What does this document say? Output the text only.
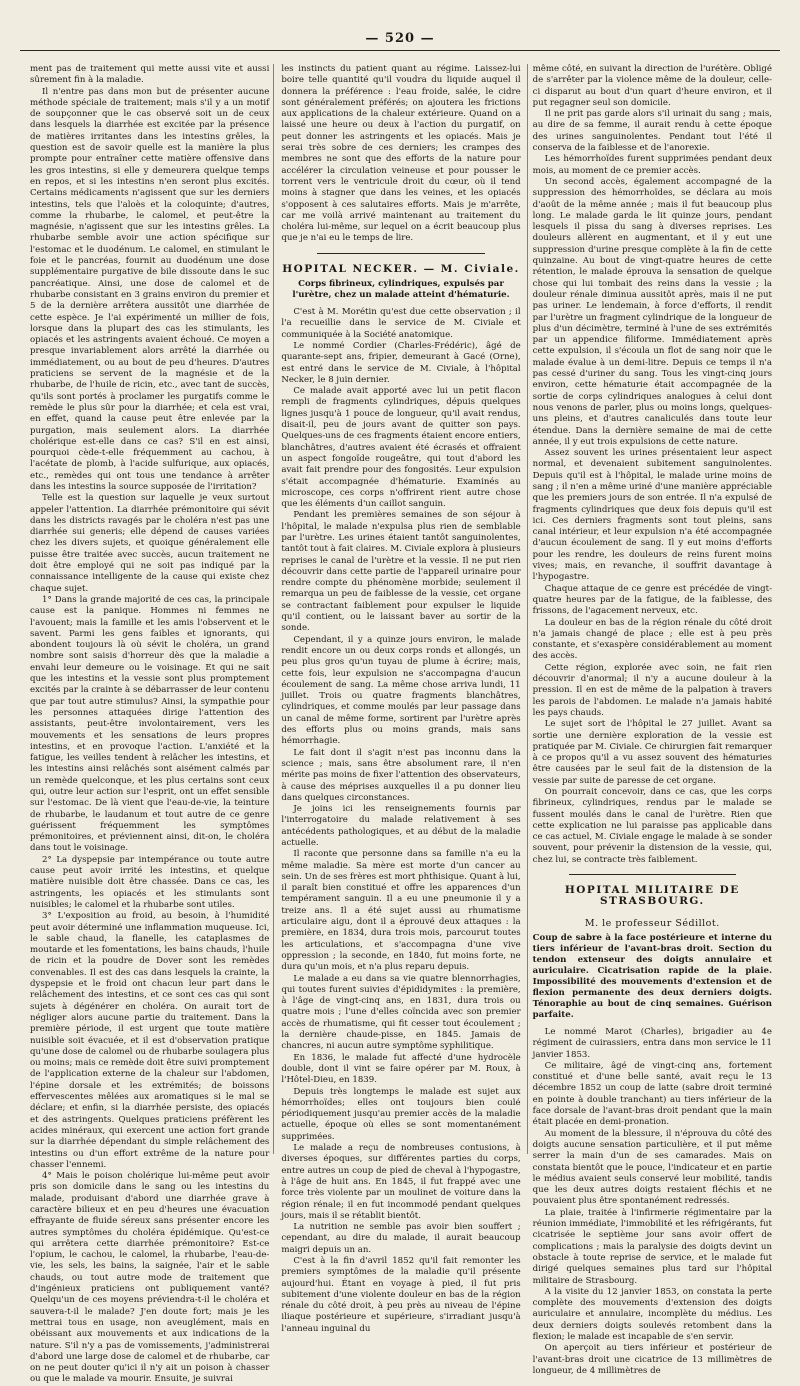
— 520 —

ment pas de traitement qui mette aussi vite et aussi sûrement fin à la maladie.

Il n'entre pas dans mon but de présenter aucune méthode spéciale de traitement; mais s'il y a un motif de soupçonner que le cas observé soit un de ceux dans lesquels la diarrhée est excitée par la présence de matières irritantes dans les intestins grêles, la question est de savoir quelle est la manière la plus prompte pour entraîner cette matière offensive dans les gros intestins, si elle y demeurera quelque temps en repos, et si les intestins n'en seront plus excités. Certains médicaments n'agissent que sur les derniers intestins, tels que l'aloès et la coloquinte; d'autres, comme la rhubarbe, le calomel, et peut-être la magnésie, n'agissent que sur les intestins grêles. La rhubarbe semble avoir une action spécifique sur l'estomac et le duodénum. Le calomel, en stimulant le foie et le pancréas, fournit au duodénum une dose supplémentaire purgative de bile dissoute dans le suc pancréatique. Ainsi, une dose de calomel et de rhubarbe consistant en 3 grains environ du premier et 5 de la dernière arrêtera aussitôt une diarrhée de cette espèce. Je l'ai expérimenté un millier de fois, lorsque dans la plupart des cas les stimulants, les opiacés et les astringents avaient échoué. Ce moyen a presque invariablement alors arrêté la diarrhée ou immédiatement, ou au bout de peu d'heures. D'autres praticiens se servent de la magnésie et de la rhubarbe, de l'huile de ricin, etc., avec tant de succès, qu'ils sont portés à proclamer les purgatifs comme le remède le plus sûr pour la diarrhée; et cela est vrai, en effet, quand la cause peut être enlevée par la purgation, mais seulement alors. La diarrhée cholérique est-elle dans ce cas? S'il en est ainsi, pourquoi cède-t-elle fréquemment au cachou, à l'acétate de plomb, à l'acide sulfurique, aux opiacés, etc., remèdes qui ont tous une tendance à arrêter dans les intestins la source supposée de l'irritation?

Telle est la question sur laquelle je veux surtout appeler l'attention. La diarrhée prémonitoire qui sévit dans les districts ravagés par le choléra n'est pas une diarrhée sui generis; elle dépend de causes variées chez les divers sujets, et quoique généralement elle puisse être traitée avec succès, aucun traitement ne doit être employé qui ne soit pas indiqué par la connaissance intelligente de la cause qui existe chez chaque sujet.

1° Dans la grande majorité de ces cas, la principale cause est la panique. Hommes ni femmes ne l'avouent; mais la famille et les amis l'observent et le savent. Parmi les gens faibles et ignorants, qui abondent toujours là où sévit le choléra, un grand nombre sont saisis d'horreur dès que la maladie a envahi leur demeure ou le voisinage. Et qui ne sait que les intestins et la vessie sont plus promptement excités par la crainte à se débarrasser de leur contenu que par tout autre stimulus? Ainsi, la sympathie pour les personnes attaquées dirige l'attention des assistants, peut-être involontairement, vers les mouvements et les sensations de leurs propres intestins, et en provoque l'action. L'anxiété et la fatigue, les veilles tendent à relâcher les intestins, et les intestins ainsi relâchés sont aisément calmés par un remède quelconque, et les plus certains sont ceux qui, outre leur action sur l'esprit, ont un effet sensible sur l'estomac. De là vient que l'eau-de-vie, la teinture de rhubarbe, le laudanum et tout autre de ce genre guérissent fréquemment les symptômes prémonitoires, et préviennent ainsi, dit-on, le choléra dans tout le voisinage.

2° La dyspepsie par intempérance ou toute autre cause peut avoir irrité les intestins, et quelque matière nuisible doit être chassée. Dans ce cas, les astringents, les opiacés et les stimulants sont nuisibles; le calomel et la rhubarbe sont utiles.

3° L'exposition au froid, au besoin, à l'humidité peut avoir déterminé une inflammation muqueuse. Ici, le sable chaud, la flanelle, les cataplasmes de moutarde et les fomentations, les bains chauds, l'huile de ricin et la poudre de Dover sont les remèdes convenables. Il est des cas dans lesquels la crainte, la dyspepsie et le froid ont chacun leur part dans le relâchement des intestins, et ce sont ces cas qui sont sujets à dégénérer en choléra. On aurait tort de négliger alors aucune partie du traitement. Dans la première période, il est urgent que toute matière nuisible soit évacuée, et il est d'observation pratique qu'une dose de calomel ou de rhubarbe soulagera plus ou moins; mais ce remède doit être suivi promptement de l'application externe de la chaleur sur l'abdomen, l'épine dorsale et les extrémités; de boissons effervescentes mêlées aux aromatiques si le mal se déclare; et enfin, si la diarrhée persiste, des opiacés et des astringents. Quelques praticiens préfèrent les acides minéraux, qui exercent une action fort grande sur la diarrhée dépendant du simple relâchement des intestins ou d'un effort extrême de la nature pour chasser l'ennemi.

4° Mais le poison cholérique lui-même peut avoir pris son domicile dans le sang ou les intestins du malade, produisant d'abord une diarrhée grave à caractère bilieux et en peu d'heures une évacuation effrayante de fluide séreux sans présenter encore les autres symptômes du choléra épidémique. Qu'est-ce qui arrêtera cette diarrhée prémonitoire? Est-ce l'opium, le cachou, le calomel, la rhubarbe, l'eau-de-vie, les sels, les bains, la saignée, l'air et le sable chauds, ou tout autre mode de traitement que d'ingénieux praticiens ont publiquement vanté? Quelqu'un de ces moyens préviendra-t-il le choléra et sauvera-t-il le malade? J'en doute fort; mais je les mettrai tous en usage, non aveuglément, mais en obéissant aux mouvements et aux indications de la nature. S'il n'y a pas de vomissements, j'administrerai d'abord une large dose de calomel et de rhubarbe, car on ne peut douter qu'ici il n'y ait un poison à chasser ou que le malade va mourir. Ensuite, je suivrai

les instincts du patient quant au régime. Laissez-lui boire telle quantité qu'il voudra du liquide auquel il donnera la préférence : l'eau froide, salée, le cidre sont généralement préférés; on ajoutera les frictions aux applications de la chaleur extérieure. Quand on a laissé une heure ou deux à l'action du purgatif, on peut donner les astringents et les opiacés. Mais je serai très sobre de ces derniers; les crampes des membres ne sont que des efforts de la nature pour accélérer la circulation veineuse et pour pousser le torrent vers le ventricule droit du cœur, où il tend moins à stagner que dans les veines, et les opiacés s'opposent à ces salutaires efforts. Mais je m'arrête, car me voilà arrivé maintenant au traitement du choléra lui-même, sur lequel on a écrit beaucoup plus que je n'ai eu le temps de lire.

HOPITAL NECKER. — M. Civiale.
Corps fibrineux, cylindriques, expulsés par l'urètre, chez un malade atteint d'hématurie.

C'est à M. Morétin qu'est due cette observation ; il l'a recueillie dans le service de M. Civiale et communiquée à la Société anatomique.

Le nommé Cordier (Charles-Frédéric), âgé de quarante-sept ans, fripier, demeurant à Gacé (Orne), est entré dans le service de M. Civiale, à l'hôpital Necker, le 8 juin dernier.

Ce malade avait apporté avec lui un petit flacon rempli de fragments cylindriques, dépuis quelques lignes jusqu'à 1 pouce de longueur, qu'il avait rendus, disait-il, peu de jours avant de quitter son pays. Quelques-uns de ces fragments étaient encore entiers, blanchâtres, d'autres avaient été écrasés et offraient un aspect fongoïde rougeâtre, qui tout d'abord les avait fait prendre pour des fongosités. Leur expulsion s'était accompagnée d'hématurie. Examinés au microscope, ces corps n'offrirent rient autre chose que les éléments d'un caillot sanguin.

Pendant les premières semaines de son séjour à l'hôpital, le malade n'expulsa plus rien de semblable par l'urètre. Les urines étaient tantôt sanguinolentes, tantôt tout à fait claires. M. Civiale explora à plusieurs reprises le canal de l'urètre et la vessie. Il ne put rien découvrir dans cette partie de l'appareil urinaire pour rendre compte du phénomène morbide; seulement il remarqua un peu de faiblesse de la vessie, cet organe se contractant faiblement pour expulser le liquide qu'il contient, ou le laissant baver au sortir de la sonde.

Cependant, il y a quinze jours environ, le malade rendit encore un ou deux corps ronds et allongés, un peu plus gros qu'un tuyau de plume à écrire; mais, cette fois, leur expulsion ne s'accompagna d'aucun écoulement de sang. La même chose arriva lundi, 11 juillet. Trois ou quatre fragments blanchâtres, cylindriques, et comme moulés par leur passage dans un canal de même forme, sortirent par l'urètre après des efforts plus ou moins grands, mais sans hémorrhagie.

Le fait dont il s'agit n'est pas inconnu dans la science ; mais, sans être absolument rare, il n'en mérite pas moins de fixer l'attention des observateurs, à cause des méprises auxquelles il a pu donner lieu dans quelques circonstances.

Je joins ici les renseignements fournis par l'interrogatoire du malade relativement à ses antécédents pathologiques, et au début de la maladie actuelle.

Il raconte que personne dans sa famille n'a eu la même maladie. Sa mère est morte d'un cancer au sein. Un de ses frères est mort phthisique. Quant à lui, il paraît bien constitué et offre les apparences d'un tempérament sanguin. Il a eu une pneumonie il y a treize ans. Il a été sujet aussi au rhumatisme articulaire aigu, dont il a éprouvé deux attaques : la première, en 1834, dura trois mois, parcourut toutes les articulations, et s'accompagna d'une vive oppression ; la seconde, en 1840, fut moins forte, ne dura qu'un mois, et n'a plus reparu depuis.

Le malade a eu dans sa vie quatre blennorrhagies, qui toutes furent suivies d'épididymites : la première, à l'âge de vingt-cinq ans, en 1831, dura trois ou quatre mois ; l'une d'elles coïncida avec son premier accès de rhumatisme, qui fit cesser tout écoulement ; la dernière chaude-pisse, en 1845. Jamais de chancres, ni aucun autre symptôme syphilitique.

En 1836, le malade fut affecté d'une hydrocèle double, dont il vint se faire opérer par M. Roux, à l'Hôtel-Dieu, en 1839.

Depuis très longtemps le malade est sujet aux hémorrhoïdes; elles ont toujours bien coulé périodiquement jusqu'au premier accès de la maladie actuelle, époque où elles se sont momentanément supprimées.

Le malade a reçu de nombreuses contusions, à diverses époques, sur différentes parties du corps, entre autres un coup de pied de cheval à l'hypogastre, à l'âge de huit ans. En 1845, il fut frappé avec une force très violente par un moulinet de voiture dans la région rénale; il en fut incommodé pendant quelques jours, mais il se rétablit bientôt.

La nutrition ne semble pas avoir bien souffert ; cependant, au dire du malade, il aurait beaucoup maigri depuis un an.

C'est à la fin d'avril 1852 qu'il fait remonter les premiers symptômes de la maladie qu'il présente aujourd'hui. Étant en voyage à pied, il fut pris subitement d'une violente douleur en bas de la région rénale du côté droit, à peu près au niveau de l'épine iliaque postérieure et supérieure, s'irradiant jusqu'à l'anneau inguinal du

même côté, en suivant la direction de l'urétère. Obligé de s'arrêter par la violence même de la douleur, celle-ci disparut au bout d'un quart d'heure environ, et il put regagner seul son domicile.

Il ne prit pas garde alors s'il urinait du sang ; mais, au dire de sa femme, il aurait rendu à cette époque des urines sanguinolentes. Pendant tout l'été il conserva de la faiblesse et de l'anorexie.

Les hémorrhoïdes furent supprimées pendant deux mois, au moment de ce premier accès.

Un second accès, également accompagné de la suppression des hémorrhoïdes, se déclara au mois d'août de la même année ; mais il fut beaucoup plus long. Le malade garda le lit quinze jours, pendant lesquels il pissa du sang à diverses reprises. Les douleurs allèrent en augmentant, et il y eut une suppression d'urine presque complète à la fin de cette quinzaine. Au bout de vingt-quatre heures de cette rétention, le malade éprouva la sensation de quelque chose qui lui tombait des reins dans la vessie ; la douleur rénale diminua aussitôt après, mais il ne put pas uriner. Le lendemain, à force d'efforts, il rendit par l'urètre un fragment cylindrique de la longueur de plus d'un décimètre, terminé à l'une de ses extrémités par un appendice filiforme. Immédiatement après cette expulsion, il s'écoula un flot de sang noir que le malade évalue à un demi-litre. Depuis ce temps il n'a pas cessé d'uriner du sang. Tous les vingt-cinq jours environ, cette hématurie était accompagnée de la sortie de corps cylindriques analogues à celui dont nous venons de parler, plus ou moins longs, quelques-uns pleins, et d'autres canaliculés dans toute leur étendue. Dans la dernière semaine de mai de cette année, il y eut trois expulsions de cette nature.

Assez souvent les urines présentaient leur aspect normal, et devenaient subitement sanguinolentes. Depuis qu'il est à l'hôpital, le malade urine moins de sang ; il n'en a même uriné d'une manière appréciable que les premiers jours de son entrée. Il n'a expulsé de fragments cylindriques que deux fois depuis qu'il est ici. Ces derniers fragments sont tout pleins, sans canal intérieur, et leur expulsion n'a été accompagnée d'aucun écoulement de sang. Il y eut moins d'efforts pour les rendre, les douleurs de reins furent moins vives; mais, en revanche, il souffrit davantage à l'hypogastre.

Chaque attaque de ce genre est précédée de vingt-quatre heures par de la fatigue, de la faiblesse, des frissons, de l'agacement nerveux, etc.

La douleur en bas de la région rénale du côté droit n'a jamais changé de place ; elle est à peu près constante, et s'exaspère considérablement au moment des accès.

Cette région, explorée avec soin, ne fait rien découvrir d'anormal; il n'y a aucune douleur à la pression. Il en est de même de la palpation à travers les parois de l'abdomen. Le malade n'a jamais habité les pays chauds.

Le sujet sort de l'hôpital le 27 juillet. Avant sa sortie une dernière exploration de la vessie est pratiquée par M. Civiale. Ce chirurgien fait remarquer à ce propos qu'il a vu assez souvent des hématuries être causées par le seul fait de la distension de la vessie par suite de paresse de cet organe.

On pourrait concevoir, dans ce cas, que les corps fibrineux, cylindriques, rendus par le malade se fussent moulés dans le canal de l'urètre. Rien que cette explication ne lui paraisse pas applicable dans ce cas actuel, M. Civiale engage le malade à se sonder souvent, pour prévenir la distension de la vessie, qui, chez lui, se contracte très faiblement.

HOPITAL MILITAIRE DE STRASBOURG.
M. le professeur Sédillot.
Coup de sabre à la face postérieure et interne du tiers inférieur de l'avant-bras droit. Section du tendon extenseur des doigts annulaire et auriculaire. Cicatrisation rapide de la plaie. Impossibilité des mouvements d'extension et de flexion permanente des deux derniers doigts. Ténoraphie au bout de cinq semaines. Guérison parfaite.

Le nommé Marot (Charles), brigadier au 4e régiment de cuirassiers, entra dans mon service le 11 janvier 1853.

Ce militaire, âgé de vingt-cinq ans, fortement constitué et d'une belle santé, avait reçu le 13 décembre 1852 un coup de latte (sabre droit terminé en pointe à double tranchant) au tiers inférieur de la face dorsale de l'avant-bras droit pendant que la main était placée en demi-pronation.

Au moment de la blessure, il n'éprouva du côté des doigts aucune sensation particulière, et il put même serrer la main d'un de ses camarades. Mais on constata bientôt que le pouce, l'indicateur et en partie le médius avaient seuls conservé leur mobilité, tandis que les deux autres doigts restaient fléchis et ne pouvaient plus être spontanément redressés.

La plaie, traitée à l'infirmerie régimentaire par la réunion immédiate, l'immobilité et les réfrigérants, fut cicatrisée le septième jour sans avoir offert de complications ; mais la paralysie des doigts devint un obstacle à toute reprise de service, et le malade fut dirigé quelques semaines plus tard sur l'hôpital militaire de Strasbourg.

A la visite du 12 janvier 1853, on constata la perte complète des mouvements d'extension des doigts auriculaire et annulaire, incomplète du médius. Les deux derniers doigts soulevés retombent dans la flexion; le malade est incapable de s'en servir.

On aperçoit au tiers inférieur et postérieur de l'avant-bras droit une cicatrice de 13 millimètres de longueur, de 4 millimètres de
